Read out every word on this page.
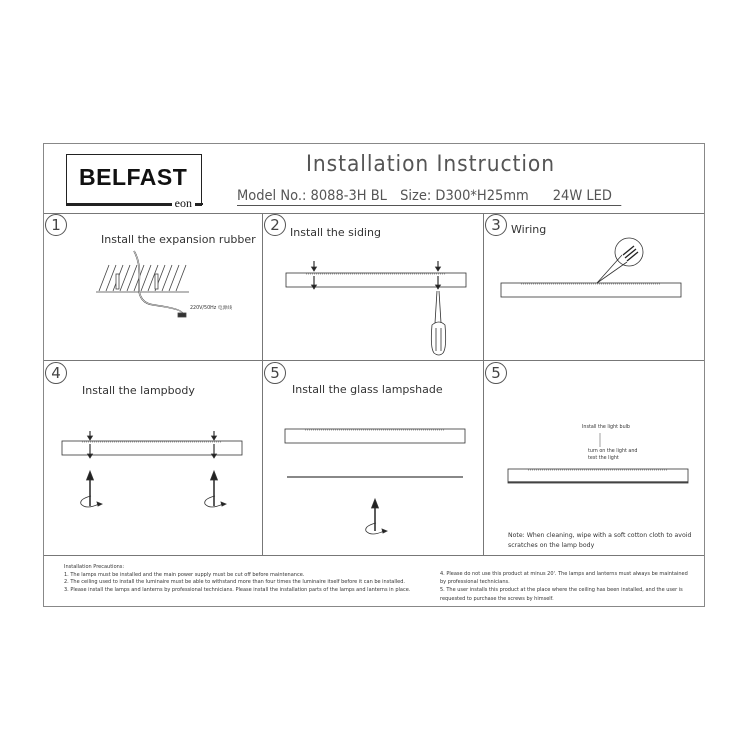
BELFAST
eon
Installation Instruction
Model No.: 8088-3H BL Size: D300*H25mm 24W LED
1
Install the expansion rubber
220V/50Hz 电源线
2 Install the siding	3 Wiring
4
Install the lampbody
5
Install the glass lampshade
5
Install the light bulb
turn on the light and
test the light
Note: When cleaning, wipe with a soft cotton cloth to avoid
scratches on the lamp body
Installation Precautions:
1. The lamps must be installed and the main power supply must be cut off before maintenance.
2. The ceiling used to install the luminaire must be able to withstand more than four times the luminaire itself before it can be installed.
3. Please install the lamps and lanterns by professional technicians. Please install the installation parts of the lamps and lanterns in place.
4. Please do not use this product at minus 20'. The lamps and lanterns must always be maintained
by professional technicians.
5. The user installs this product at the place where the ceiling has been installed, and the user is
requested to purchase the screws by himself.
